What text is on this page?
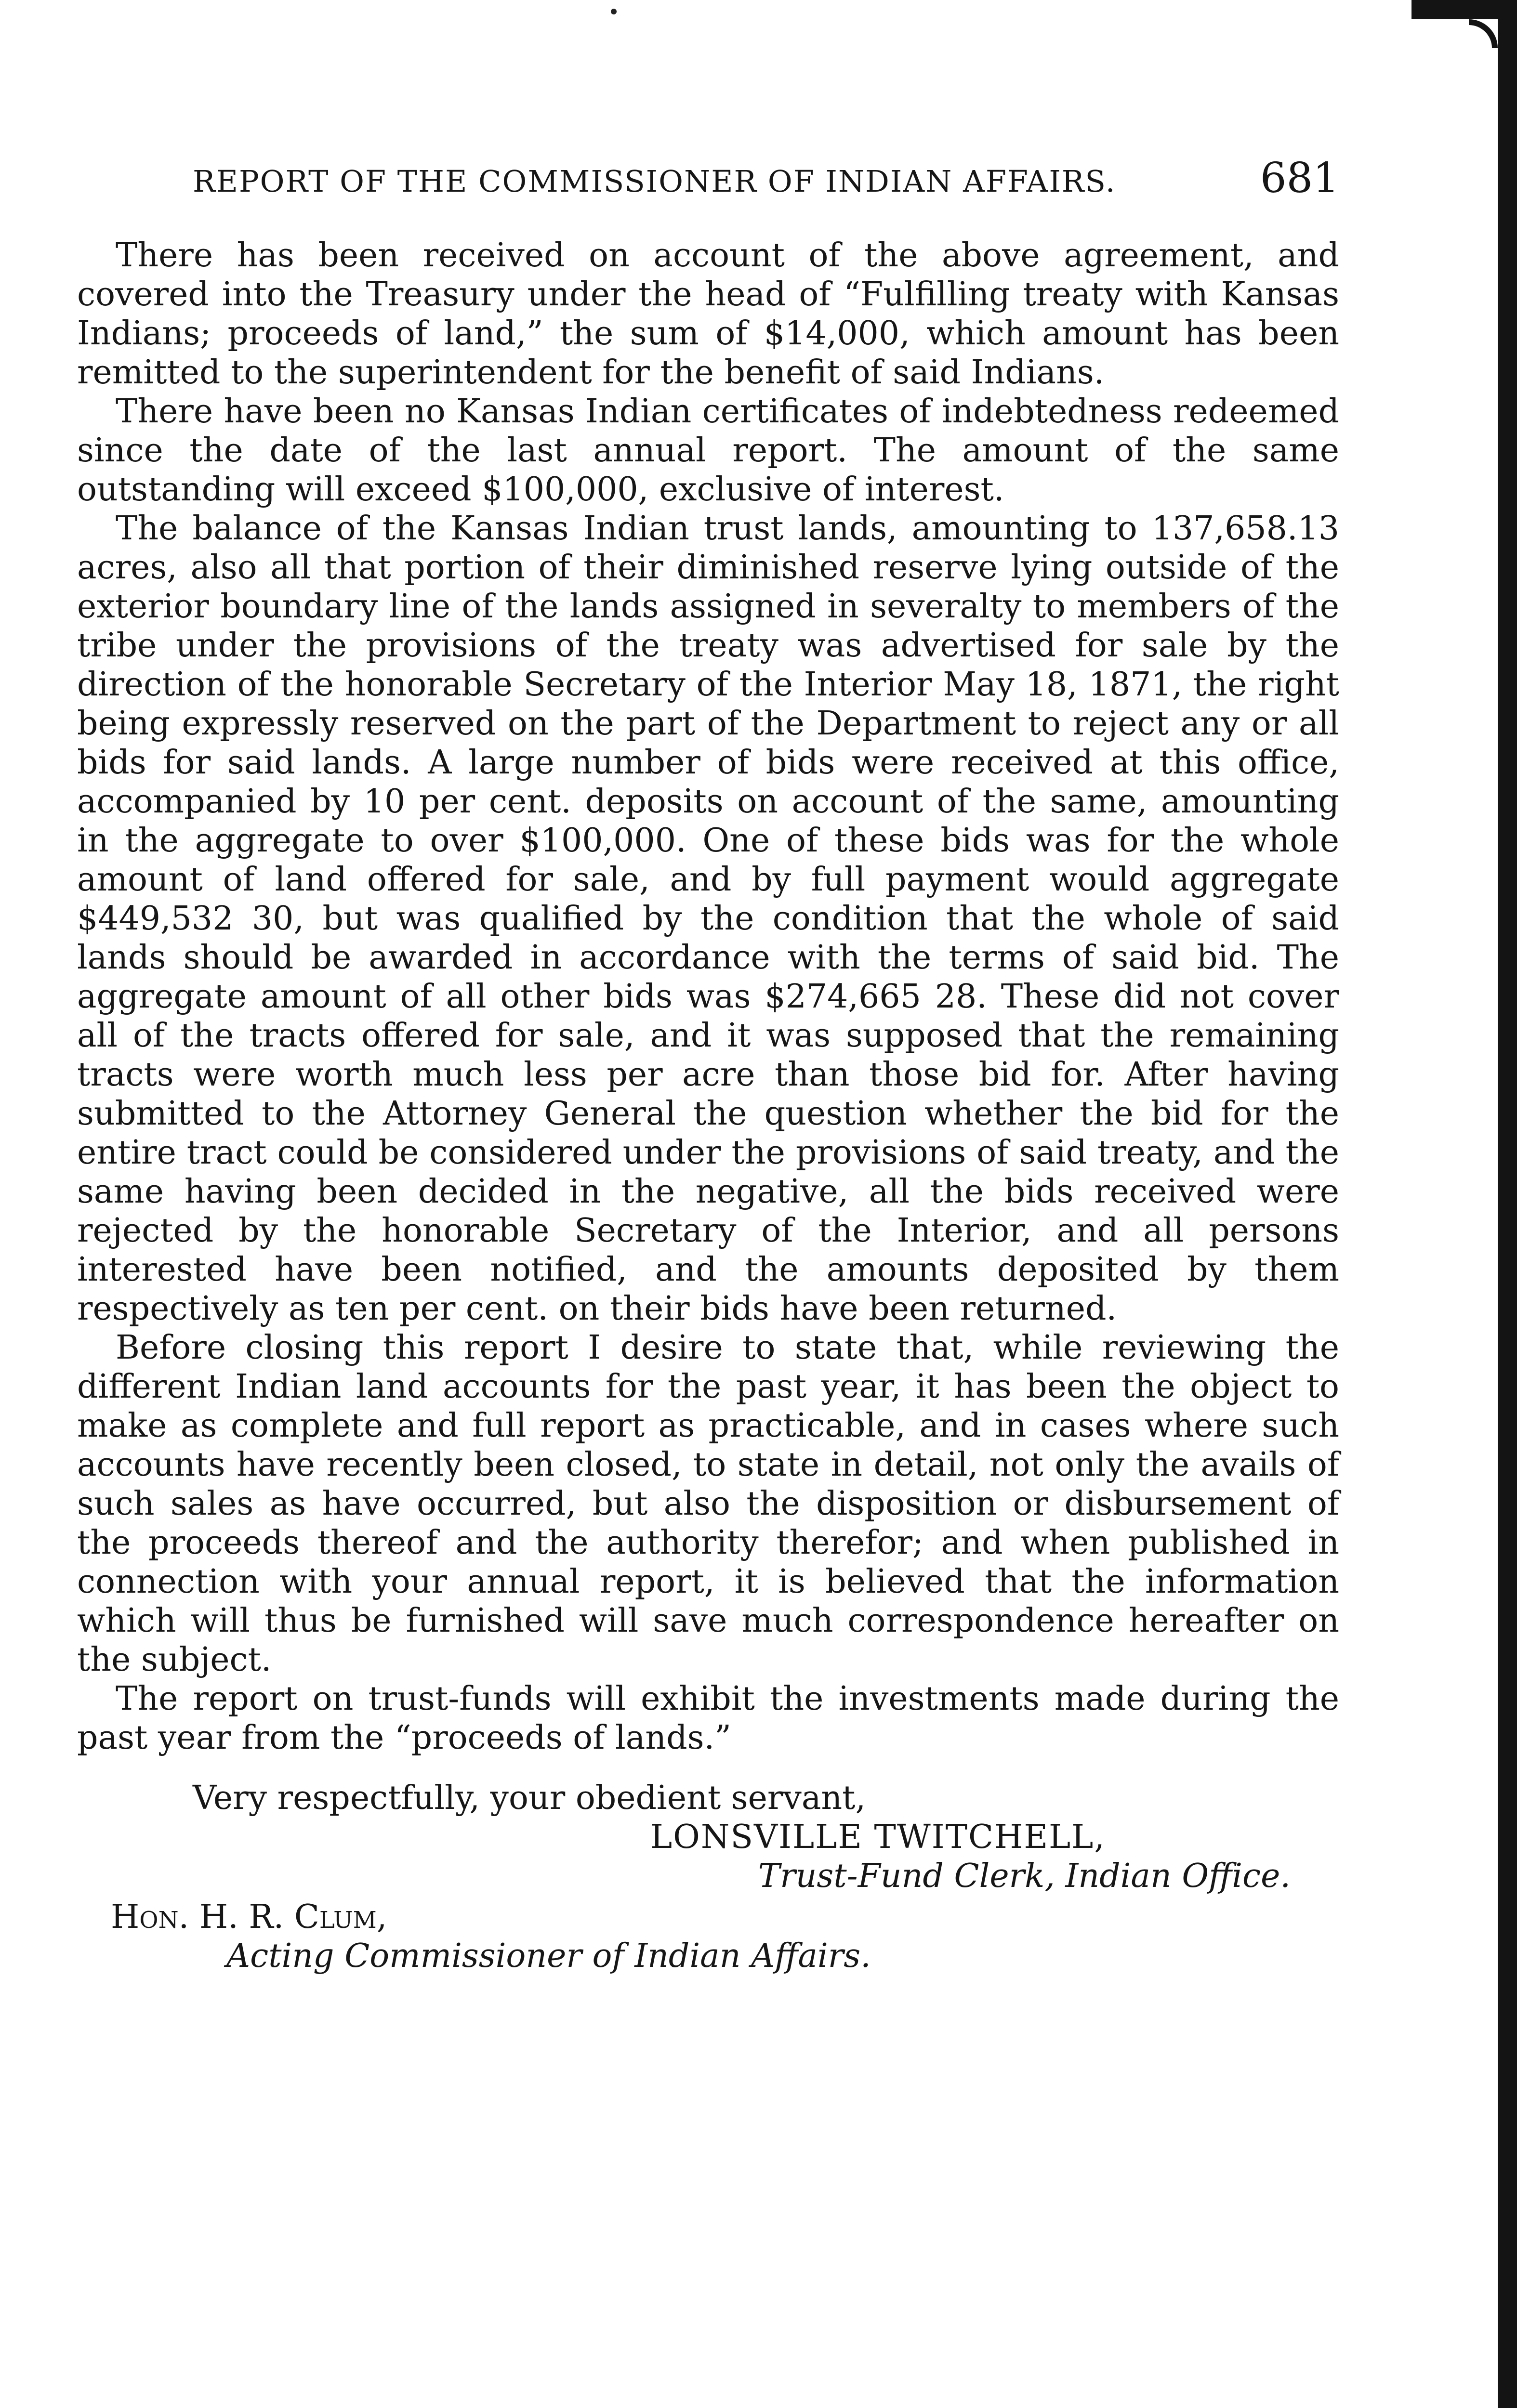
REPORT OF THE COMMISSIONER OF INDIAN AFFAIRS.	681

There has been received on account of the above agreement, and covered into the Treasury under the head of “Fulfilling treaty with Kansas Indians; proceeds of land,” the sum of $14,000, which amount has been remitted to the superintendent for the benefit of said Indians.

There have been no Kansas Indian certificates of indebtedness redeemed since the date of the last annual report. The amount of the same outstanding will exceed $100,000, exclusive of interest.

The balance of the Kansas Indian trust lands, amounting to 137,658.13 acres, also all that portion of their diminished reserve lying outside of the exterior boundary line of the lands assigned in severalty to members of the tribe under the provisions of the treaty was advertised for sale by the direction of the honorable Secretary of the Interior May 18, 1871, the right being expressly reserved on the part of the Department to reject any or all bids for said lands. A large number of bids were received at this office, accompanied by 10 per cent. deposits on account of the same, amounting in the aggregate to over $100,000. One of these bids was for the whole amount of land offered for sale, and by full payment would aggregate $449,532 30, but was qualified by the condition that the whole of said lands should be awarded in accordance with the terms of said bid. The aggregate amount of all other bids was $274,665 28. These did not cover all of the tracts offered for sale, and it was supposed that the remaining tracts were worth much less per acre than those bid for. After having submitted to the Attorney General the question whether the bid for the entire tract could be considered under the provisions of said treaty, and the same having been decided in the negative, all the bids received were rejected by the honorable Secretary of the Interior, and all persons interested have been notified, and the amounts deposited by them respectively as ten per cent. on their bids have been returned.

Before closing this report I desire to state that, while reviewing the different Indian land accounts for the past year, it has been the object to make as complete and full report as practicable, and in cases where such accounts have recently been closed, to state in detail, not only the avails of such sales as have occurred, but also the disposition or disbursement of the proceeds thereof and the authority therefor; and when published in connection with your annual report, it is believed that the information which will thus be furnished will save much correspondence hereafter on the subject.

The report on trust-funds will exhibit the investments made during the past year from the “proceeds of lands.”

Very respectfully, your obedient servant,
LONSVILLE TWITCHELL,
Trust-Fund Clerk, Indian Office.
Hon. H. R. Clum,
Acting Commissioner of Indian Affairs.
